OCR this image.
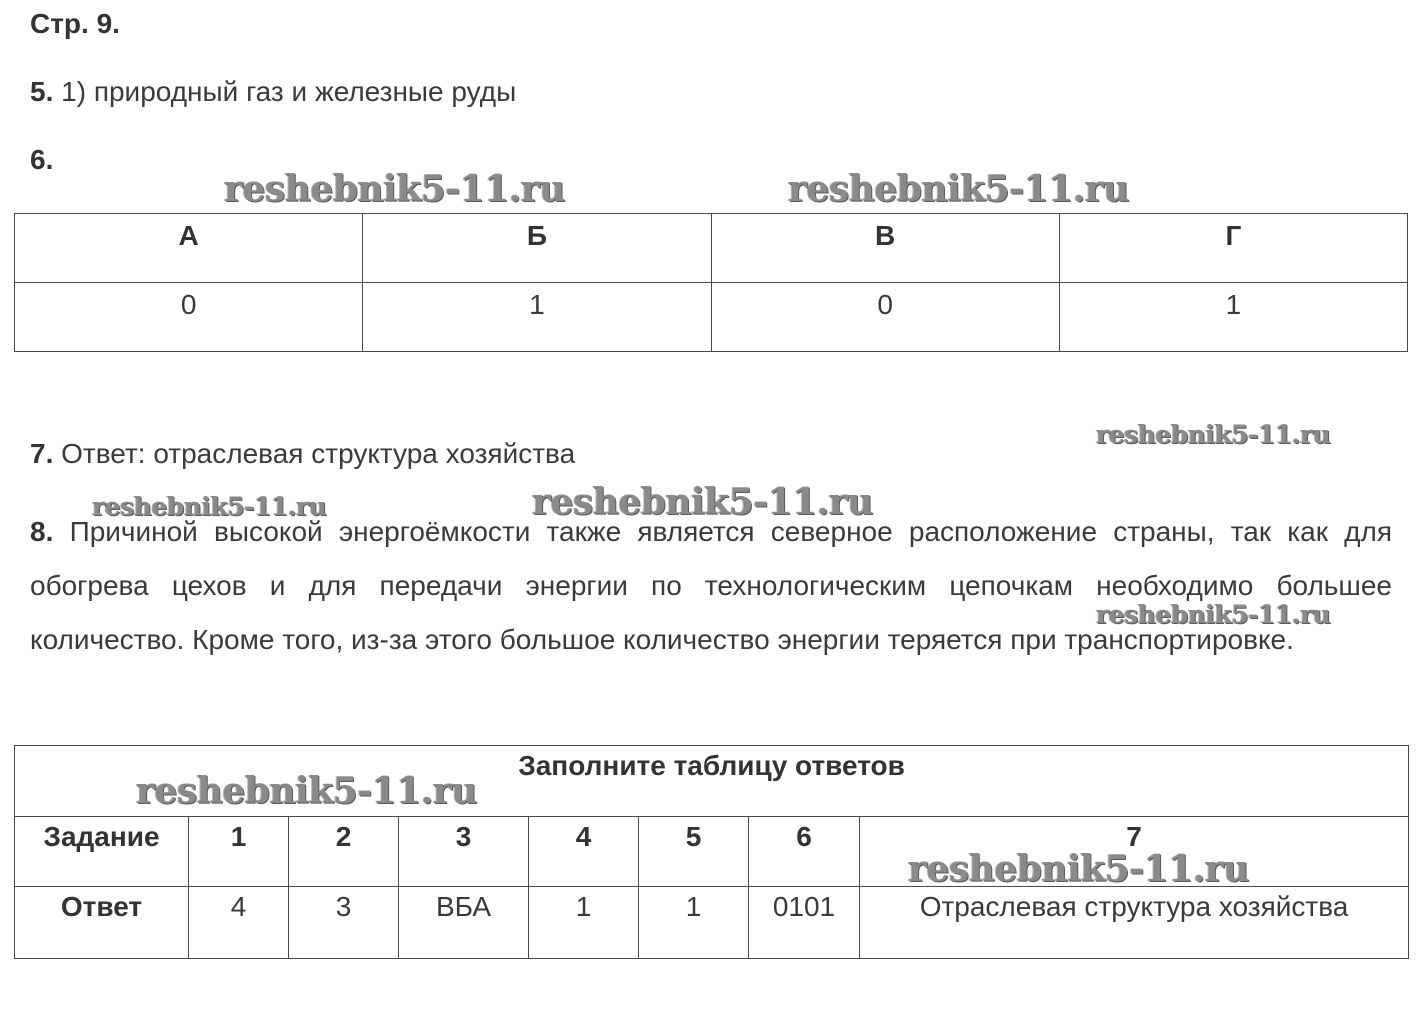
Стр. 9.
5. 1) природный газ и железные руды
6.
А	Б	В	Г
0	1	0	1
7. Ответ: отраслевая структура хозяйства
8. Причиной высокой энергоёмкости также является северное расположение страны, так как для обогрева цехов и для передачи энергии по технологическим цепочкам необходимо большее количество. Кроме того, из-за этого большое количество энергии теряется при транспортировке.
Заполните таблицу ответов							
Задание	1	2	3	4	5	6	7
Ответ	4	3	ВБА	1	1	0101	Отраслевая структура хозяйства
reshebnik5-11.ru	reshebnik5-11.ru
reshebnik5-11.ru
reshebnik5-11.ru	reshebnik5-11.ru
reshebnik5-11.ru
reshebnik5-11.ru
reshebnik5-11.ru
